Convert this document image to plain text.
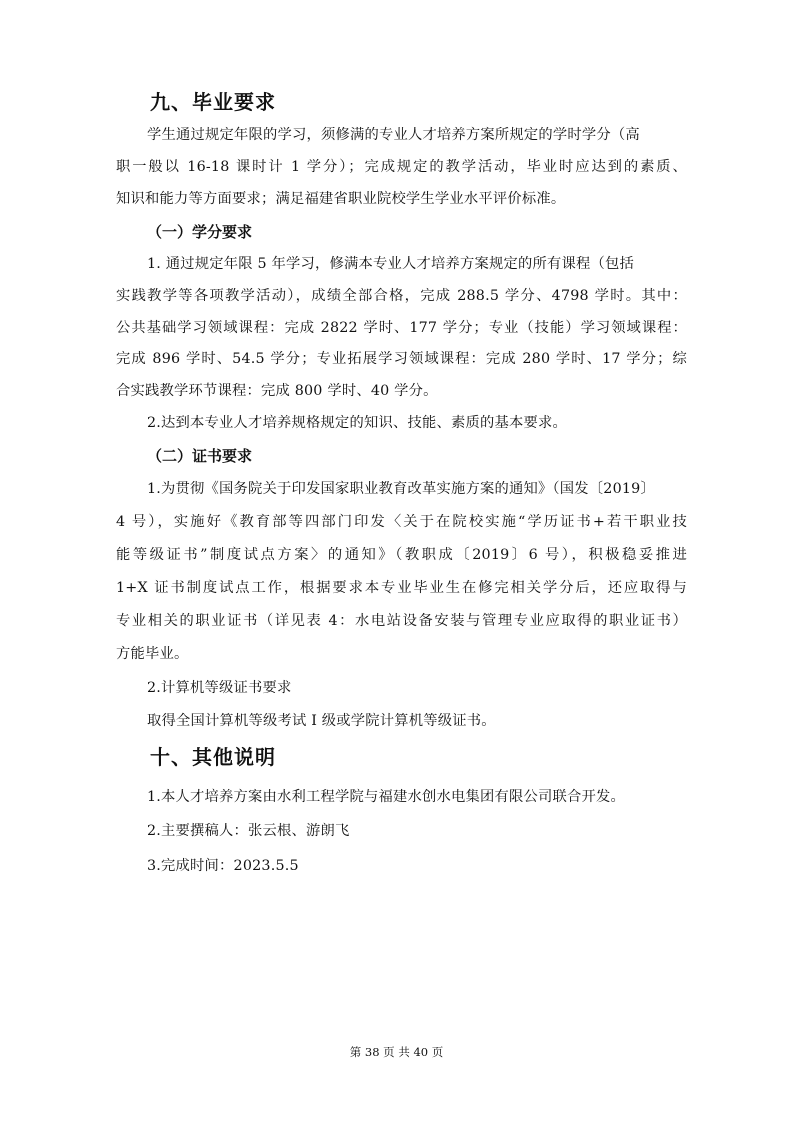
九、毕业要求
学生通过规定年限的学习，须修满的专业人才培养方案所规定的学时学分（高
职一般以 16-18 课时计 1 学分）；完成规定的教学活动，毕业时应达到的素质、
知识和能力等方面要求；满足福建省职业院校学生学业水平评价标准。
（一）学分要求
1. 通过规定年限 5 年学习，修满本专业人才培养方案规定的所有课程（包括
实践教学等各项教学活动），成绩全部合格，完成 288.5 学分、4798 学时。其中：
公共基础学习领域课程：完成 2822 学时、177 学分；专业（技能）学习领域课程：
完成 896 学时、54.5 学分；专业拓展学习领域课程：完成 280 学时、17 学分；综
合实践教学环节课程：完成 800 学时、40 学分。
2.达到本专业人才培养规格规定的知识、技能、素质的基本要求。
（二）证书要求
1.为贯彻《国务院关于印发国家职业教育改革实施方案的通知》（国发〔2019〕
4 号），实施好《教育部等四部门印发〈关于在院校实施“学历证书+若干职业技
能等级证书”制度试点方案〉的通知》（教职成〔2019〕6 号），积极稳妥推进
1+X 证书制度试点工作，根据要求本专业毕业生在修完相关学分后，还应取得与
专业相关的职业证书（详见表 4：水电站设备安装与管理专业应取得的职业证书）
方能毕业。
2.计算机等级证书要求
取得全国计算机等级考试 I 级或学院计算机等级证书。
十、其他说明
1.本人才培养方案由水利工程学院与福建水创水电集团有限公司联合开发。
2.主要撰稿人：张云根、游朗飞
3.完成时间：2023.5.5
第 38 页 共 40 页
